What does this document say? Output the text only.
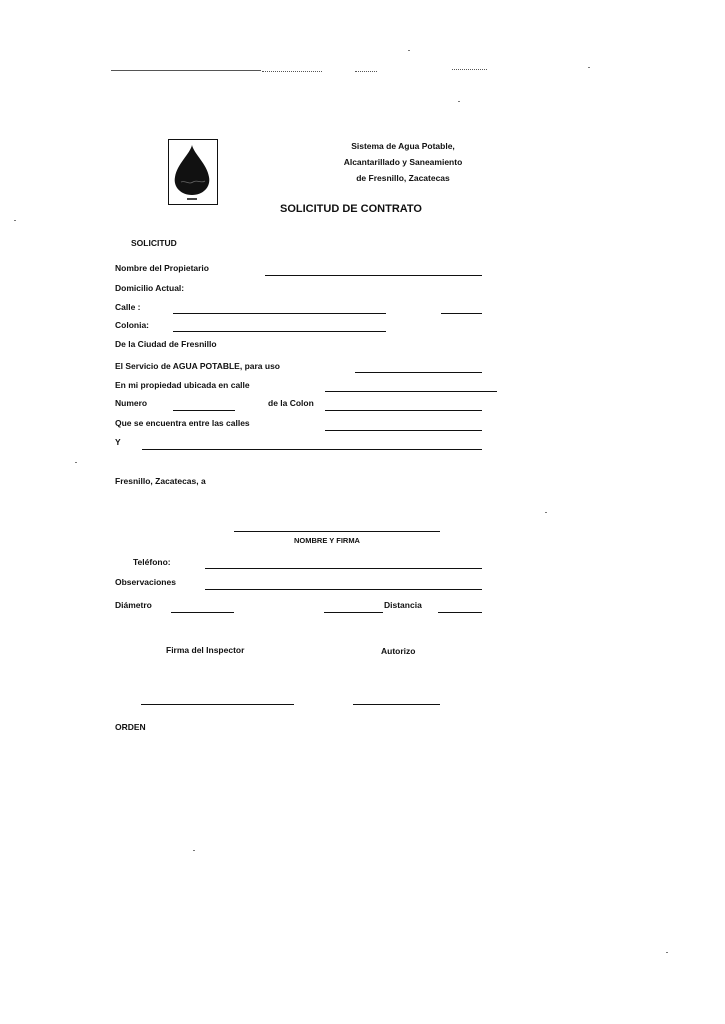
Sistema de Agua Potable,
Alcantarillado y Saneamiento
de Fresnillo, Zacatecas
SOLICITUD DE CONTRATO
SOLICITUD
Nombre del Propietario
Domicilio Actual:
Calle :
Colonia:
De la Ciudad de Fresnillo
El Servicio de AGUA POTABLE, para uso
En mi propiedad ubicada en calle
Numero	de la Colon
Que se encuentra entre las calles
Y
Fresnillo, Zacatecas, a
NOMBRE Y FIRMA
Teléfono:
Observaciones
Diámetro	Distancia
Firma del Inspector	Autorizo
ORDEN
